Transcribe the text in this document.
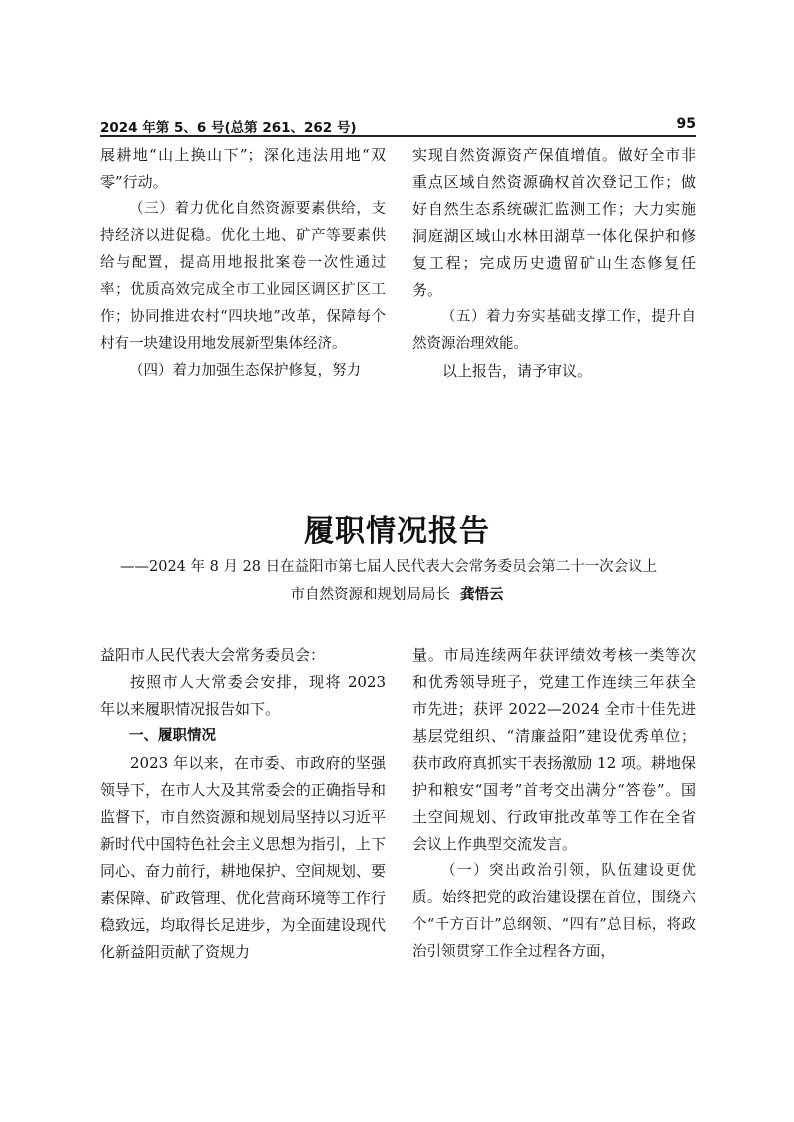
2024 年第 5、6 号(总第 261、262 号)	95

展耕地“山上换山下”；深化违法用地“双零”行动。

（三）着力优化自然资源要素供给，支持经济以进促稳。优化土地、矿产等要素供给与配置，提高用地报批案卷一次性通过率；优质高效完成全市工业园区调区扩区工作；协同推进农村“四块地”改革，保障每个村有一块建设用地发展新型集体经济。

（四）着力加强生态保护修复，努力

实现自然资源资产保值增值。做好全市非重点区域自然资源确权首次登记工作；做好自然生态系统碳汇监测工作；大力实施洞庭湖区域山水林田湖草一体化保护和修复工程；完成历史遗留矿山生态修复任务。

（五）着力夯实基础支撑工作，提升自然资源治理效能。

以上报告，请予审议。

履职情况报告
——2024 年 8 月 28 日在益阳市第七届人民代表大会常务委员会第二十一次会议上
市自然资源和规划局局长 龚悟云

益阳市人民代表大会常务委员会：

按照市人大常委会安排，现将 2023 年以来履职情况报告如下。

一、履职情况

2023 年以来，在市委、市政府的坚强领导下，在市人大及其常委会的正确指导和监督下，市自然资源和规划局坚持以习近平新时代中国特色社会主义思想为指引，上下同心、奋力前行，耕地保护、空间规划、要素保障、矿政管理、优化营商环境等工作行稳致远，均取得长足进步，为全面建设现代化新益阳贡献了资规力

量。市局连续两年获评绩效考核一类等次和优秀领导班子，党建工作连续三年获全市先进；获评 2022—2024 全市十佳先进基层党组织、“清廉益阳”建设优秀单位；获市政府真抓实干表扬激励 12 项。耕地保护和粮安“国考”首考交出满分“答卷”。国土空间规划、行政审批改革等工作在全省会议上作典型交流发言。

（一）突出政治引领，队伍建设更优质。始终把党的政治建设摆在首位，围绕六个“千方百计”总纲领、“四有”总目标，将政治引领贯穿工作全过程各方面，
